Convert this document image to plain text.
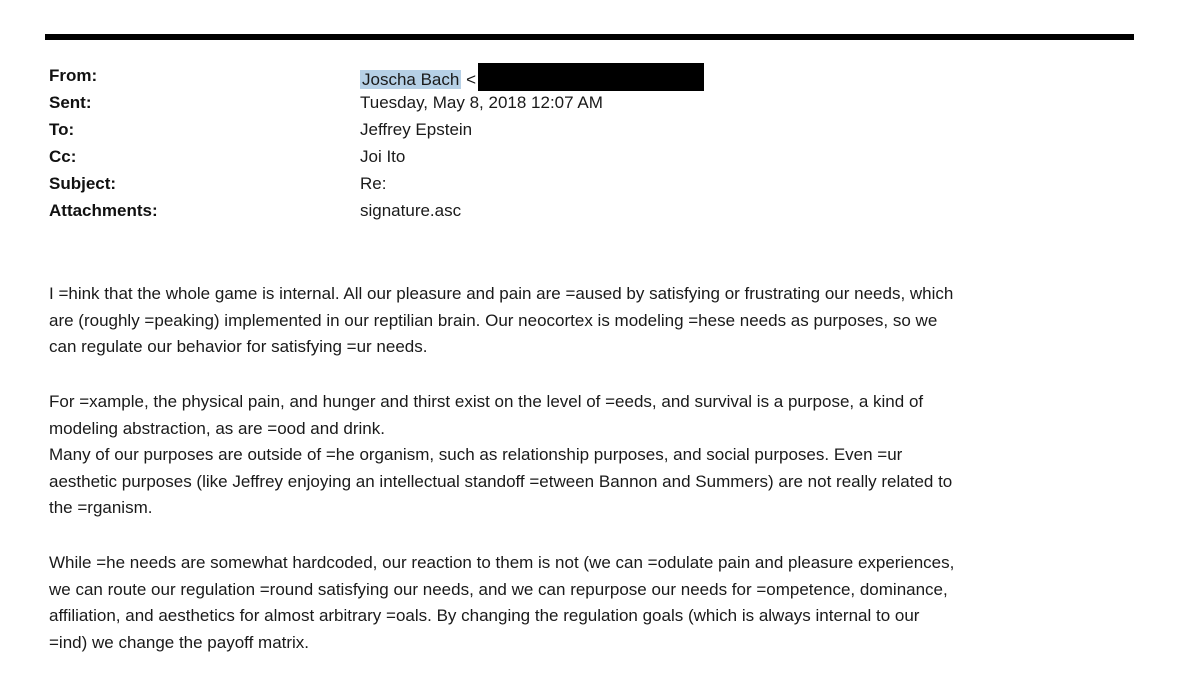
From:	Joscha Bach <
Sent:	Tuesday, May 8, 2018 12:07 AM
To:	Jeffrey Epstein
Cc:	Joi Ito
Subject:	Re:
Attachments:	signature.asc
I =hink that the whole game is internal. All our pleasure and pain are =aused by satisfying or frustrating our needs, which
are (roughly =peaking) implemented in our reptilian brain. Our neocortex is modeling =hese needs as purposes, so we
can regulate our behavior for satisfying =ur needs.
For =xample, the physical pain, and hunger and thirst exist on the level of =eeds, and survival is a purpose, a kind of
modeling abstraction, as are =ood and drink.
Many of our purposes are outside of =he organism, such as relationship purposes, and social purposes. Even =ur
aesthetic purposes (like Jeffrey enjoying an intellectual standoff =etween Bannon and Summers) are not really related to
the =rganism.
While =he needs are somewhat hardcoded, our reaction to them is not (we can =odulate pain and pleasure experiences,
we can route our regulation =round satisfying our needs, and we can repurpose our needs for =ompetence, dominance,
affiliation, and aesthetics for almost arbitrary =oals. By changing the regulation goals (which is always internal to our
=ind) we change the payoff matrix.
